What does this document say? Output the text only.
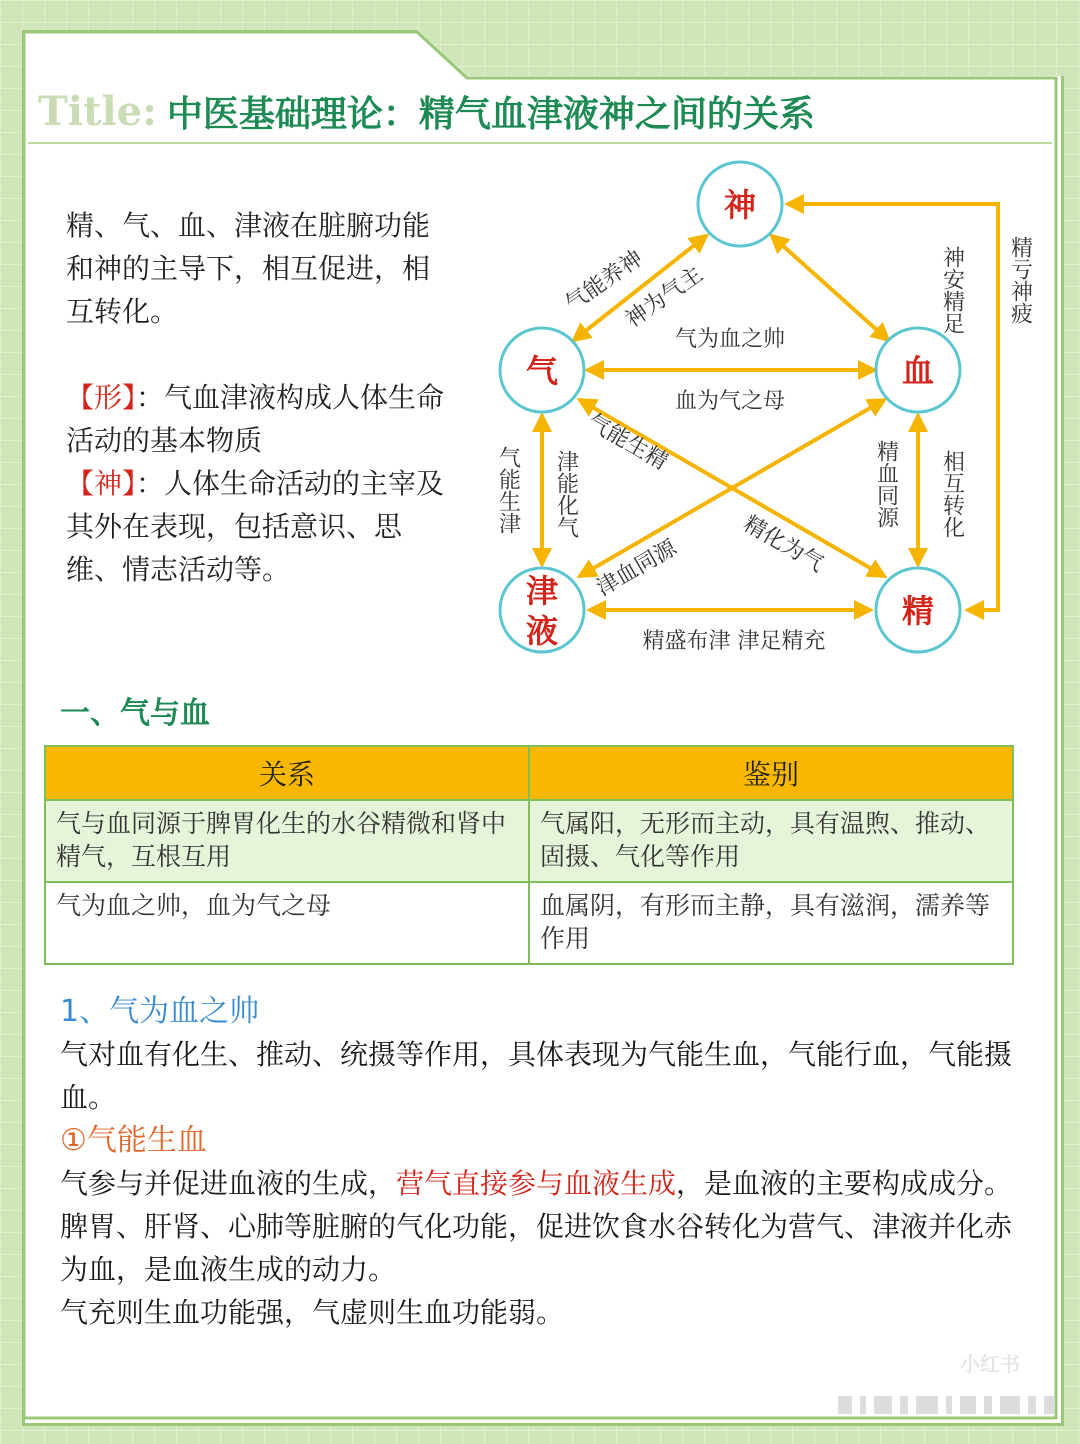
Title: 中医基础理论：精气血津液神之间的关系

精、气、血、津液在脏腑功能和神的主导下，相互促进，相互转化。

【形】：气血津液构成人体生命活动的基本物质
【神】：人体生命活动的主宰及其外在表现，包括意识、思维、情志活动等。
神
气	血
津
液
精
气能养神
神为气主
气为血之帅
血为气之母
气能生精
精化为气
津血同源
精盛布津 津足精充
神安精足 精亏神疲
气能生津 津能化气	精血同源 相互转化
一、气与血
关系	鉴别
气与血同源于脾胃化生的水谷精微和肾中精气，互根互用	气属阳，无形而主动，具有温煦、推动、固摄、气化等作用
气为血之帅，血为气之母	血属阴，有形而主静，具有滋润，濡养等作用
1、气为血之帅
气对血有化生、推动、统摄等作用，具体表现为气能生血，气能行血，气能摄血。
①气能生血
气参与并促进血液的生成，营气直接参与血液生成，是血液的主要构成成分。
脾胃、肝肾、心肺等脏腑的气化功能，促进饮食水谷转化为营气、津液并化赤为血，是血液生成的动力。
气充则生血功能强，气虚则生血功能弱。
小红书
